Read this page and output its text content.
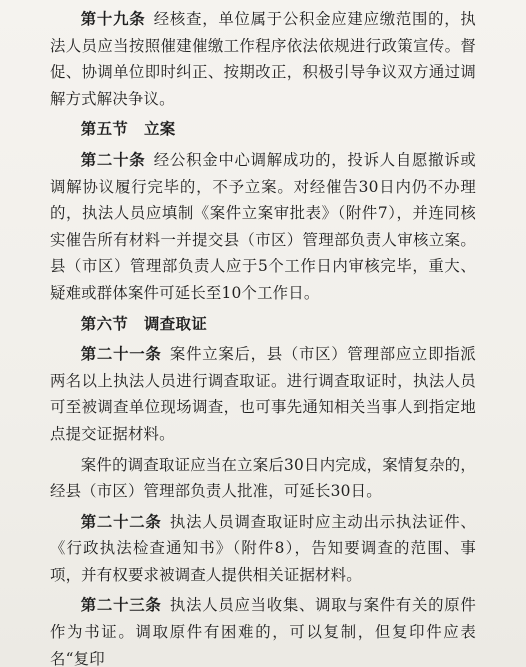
第十九条  经核查，单位属于公积金应建应缴范围的，执法人员应当按照催建催缴工作程序依法依规进行政策宣传。督促、协调单位即时纠正、按期改正，积极引导争议双方通过调解方式解决争议。

第五节　立案

第二十条  经公积金中心调解成功的，投诉人自愿撤诉或调解协议履行完毕的，不予立案。对经催告30日内仍不办理的，执法人员应填制《案件立案审批表》（附件7），并连同核实催告所有材料一并提交县（市区）管理部负责人审核立案。县（市区）管理部负责人应于5个工作日内审核完毕，重大、疑难或群体案件可延长至10个工作日。

第六节　调查取证

第二十一条  案件立案后，县（市区）管理部应立即指派两名以上执法人员进行调查取证。进行调查取证时，执法人员可至被调查单位现场调查，也可事先通知相关当事人到指定地点提交证据材料。

案件的调查取证应当在立案后30日内完成，案情复杂的，经县（市区）管理部负责人批准，可延长30日。

第二十二条  执法人员调查取证时应主动出示执法证件、《行政执法检查通知书》（附件8），告知要调查的范围、事项，并有权要求被调查人提供相关证据材料。

第二十三条  执法人员应当收集、调取与案件有关的原件作为书证。调取原件有困难的，可以复制，但复印件应表名“复印
